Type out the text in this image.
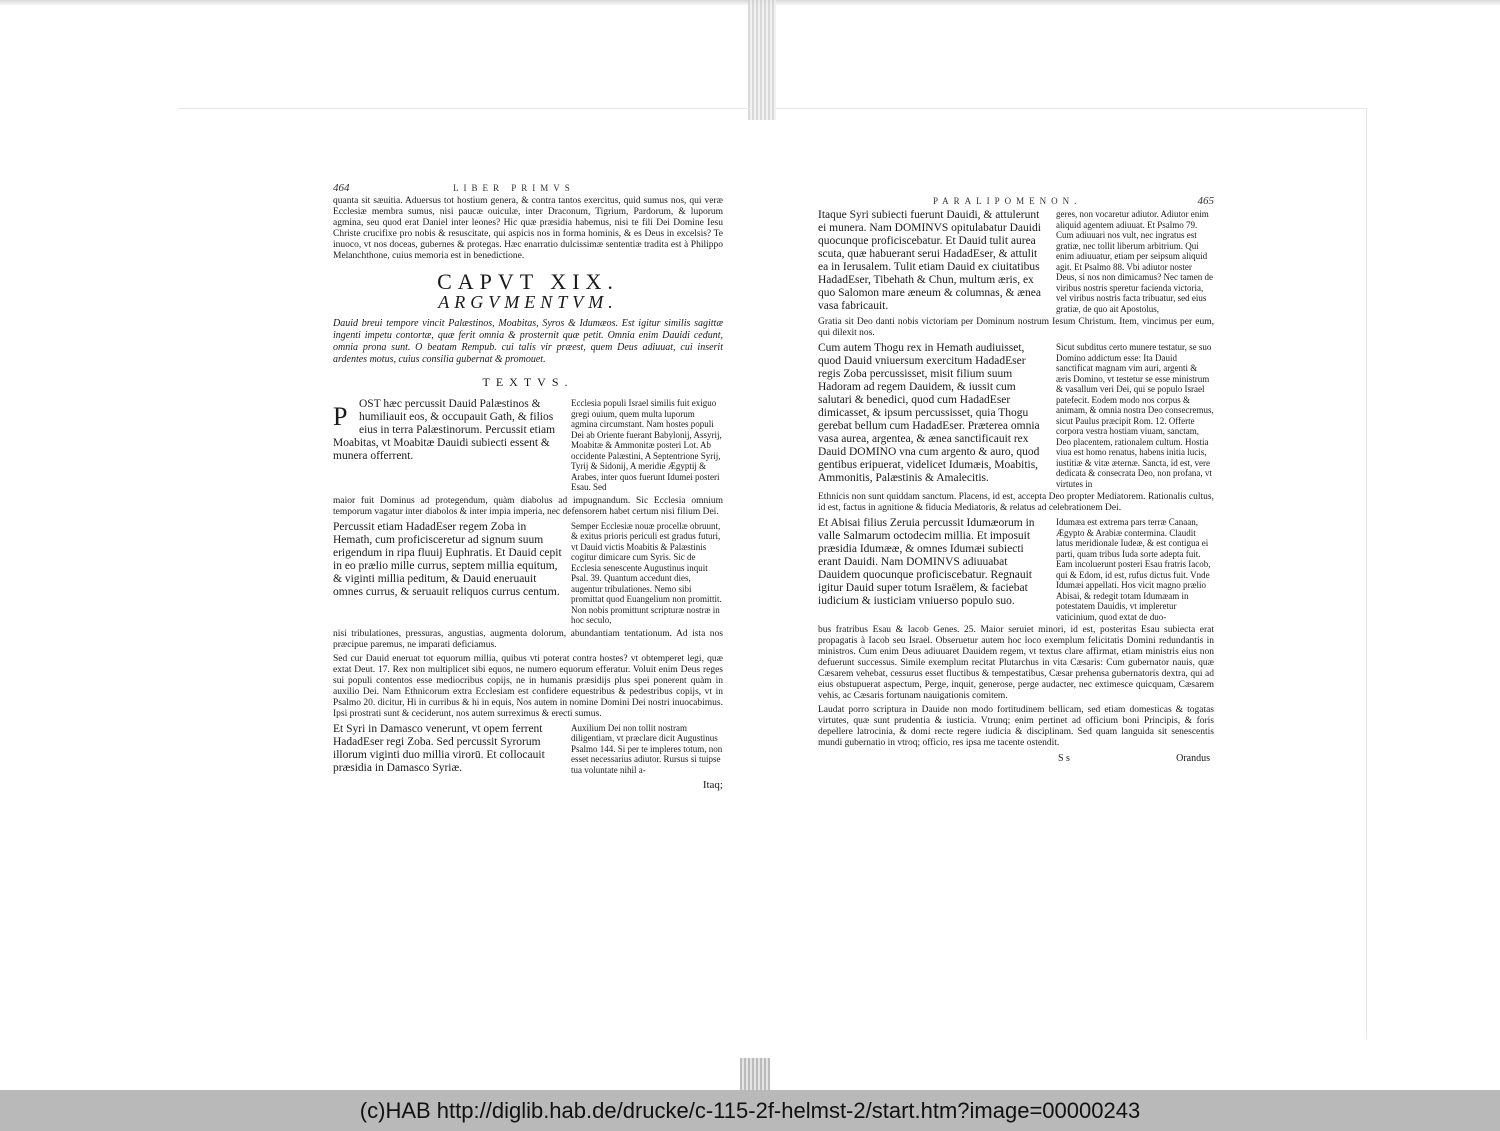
464	LIBER PRIMVS

quanta sit sæuitia. Aduersus tot hostium genera, & contra tantos exercitus, quid sumus nos, qui veræ Ecclesiæ membra sumus, nisi paucæ ouiculæ, inter Draconum, Tigrium, Pardorum, & luporum agmina, seu quod erat Daniel inter leones? Hic quæ præsidia habemus, nisi te fili Dei Domine Iesu Christe crucifixe pro nobis & resuscitate, qui aspicis nos in forma hominis, & es Deus in excelsis? Te inuoco, vt nos doceas, gubernes & protegas. Hæc enarratio dulcissimæ sententiæ tradita est à Philippo Melanchthone, cuius memoria est in benedictione.

CAPVT XIX.
ARGVMENTVM.

Dauid breui tempore vincit Palæstinos, Moabitas, Syros & Idumæos. Est igitur similis sagittæ ingenti impetu contortæ, quæ ferit omnia & prosternit quæ petit. Omnia enim Dauidi cedunt, omnia prona sunt. O beatam Rempub. cui talis vir præest, quem Deus adiuuat, cui inserit ardentes motus, cuius consilia gubernat & promouet.

TEXTVS.
P	OST hæc percussit Dauid Palæstinos & humiliauit eos, & occupauit Gath, & filios eius in terra Palæstinorum. Percussit etiam Moabitas, vt Moabitæ Dauidi subiecti essent & munera offerrent.
Ecclesia populi Israel similis fuit exiguo gregi ouium, quem multa luporum agmina circumstant. Nam hostes populi Dei ab Oriente fuerant Babylonij, Assyrij, Moabitæ & Ammonitæ posteri Lot. Ab occidente Palæstini, A Septentrione Syrij, Tyrij & Sidonij, A meridie Ægyptij & Arabes, inter quos fuerunt Idumei posteri Esau. Sed

maior fuit Dominus ad protegendum, quàm diabolus ad impugnandum. Sic Ecclesia omnium temporum vagatur inter diabolos & inter impia imperia, nec defensorem habet certum nisi filium Dei.

Percussit etiam HadadEser regem Zoba in Hemath, cum proficisceretur ad signum suum erigendum in ripa fluuij Euphratis. Et Dauid cepit in eo prælio mille currus, septem millia equitum, & viginti millia peditum, & Dauid eneruauit omnes currus, & seruauit reliquos currus centum.
Semper Ecclesiæ nouæ procellæ obruunt, & exitus prioris periculi est gradus futuri, vt Dauid victis Moabitis & Palæstinis cogitur dimicare cum Syris. Sic de Ecclesia senescente Augustinus inquit Psal. 39. Quantum accedunt dies, augentur tribulationes. Nemo sibi promittat quod Euangelium non promittit. Non nobis promittunt scripturæ nostræ in hoc seculo,

nisi tribulationes, pressuras, angustias, augmenta dolorum, abundantiam tentationum. Ad ista nos præcipue paremus, ne imparati deficiamus.

Sed cur Dauid eneruat tot equorum millia, quibus vti poterat contra hostes? vt obtemperet legi, quæ extat Deut. 17. Rex non multiplicet sibi equos, ne numero equorum efferatur. Voluit enim Deus reges sui populi contentos esse mediocribus copijs, ne in humanis præsidijs plus spei ponerent quàm in auxilio Dei. Nam Ethnicorum extra Ecclesiam est confidere equestribus & pedestribus copijs, vt in Psalmo 20. dicitur, Hi in curribus & hi in equis, Nos autem in nomine Domini Dei nostri inuocabimus. Ipsi prostrati sunt & ceciderunt, nos autem surreximus & erecti sumus.

Et Syri in Damasco venerunt, vt opem ferrent HadadEser regi Zoba. Sed percussit Syrorum illorum viginti duo millia virorū. Et collocauit præsidia in Damasco Syriæ.
Auxilium Dei non tollit nostram diligentiam, vt præclare dicit Augustinus Psalmo 144. Si per te impleres totum, non esset necessarius adiutor. Rursus si tuipse tua voluntate nihil a-
Itaq;
PARALIPOMENON.	465
Itaque Syri subiecti fuerunt Dauidi, & attulerunt ei munera. Nam DOMINVS opitulabatur Dauidi quocunque proficiscebatur. Et Dauid tulit aurea scuta, quæ habuerant serui HadadEser, & attulit ea in Ierusalem. Tulit etiam Dauid ex ciuitatibus HadadEser, Tibehath & Chun, multum æris, ex quo Salomon mare æneum & columnas, & ænea vasa fabricauit.
geres, non vocaretur adiutor. Adiutor enim aliquid agentem adiuuat. Et Psalmo 79. Cum adiuuari nos vult, nec ingratus est gratiæ, nec tollit liberum arbitrium. Qui enim adiuuatur, etiam per seipsum aliquid agit. Et Psalmo 88. Vbi adiutor noster Deus, si nos non dimicamus? Nec tamen de viribus nostris speretur facienda victoria, vel viribus nostris facta tribuatur, sed eius gratiæ, de quo ait Apostolus,

Gratia sit Deo danti nobis victoriam per Dominum nostrum Iesum Christum. Item, vincimus per eum, qui dilexit nos.

Cum autem Thogu rex in Hemath audiuisset, quod Dauid vniuersum exercitum HadadEser regis Zoba percussisset, misit filium suum Hadoram ad regem Dauidem, & iussit cum salutari & benedici, quod cum HadadEser dimicasset, & ipsum percussisset, quia Thogu gerebat bellum cum HadadEser. Præterea omnia vasa aurea, argentea, & ænea sanctificauit rex Dauid DOMINO vna cum argento & auro, quod gentibus eripuerat, videlicet Idumæis, Moabitis, Ammonitis, Palæstinis & Amalecitis.
Sicut subditus certo munere testatur, se suo Domino addictum esse: Ita Dauid sanctificat magnam vim auri, argenti & æris Domino, vt testetur se esse ministrum & vasallum veri Dei, qui se populo Israel patefecit. Eodem modo nos corpus & animam, & omnia nostra Deo consecremus, sicut Paulus præcipit Rom. 12. Offerte corpora vestra hostiam viuam, sanctam, Deo placentem, rationalem cultum. Hostia viua est homo renatus, habens initia lucis, iustitiæ & vitæ æternæ. Sancta, id est, vere dedicata & consecrata Deo, non profana, vt virtutes in

Ethnicis non sunt quiddam sanctum. Placens, id est, accepta Deo propter Mediatorem. Rationalis cultus, id est, factus in agnitione & fiducia Mediatoris, & relatus ad celebrationem Dei.

Et Abisai filius Zeruia percussit Idumæorum in valle Salmarum octodecim millia. Et imposuit præsidia Idumææ, & omnes Idumæi subiecti erant Dauidi. Nam DOMINVS adiuuabat Dauidem quocunque proficiscebatur. Regnauit igitur Dauid super totum Israëlem, & faciebat iudicium & iusticiam vniuerso populo suo.
Idumæa est extrema pars terræ Canaan, Ægypto & Arabiæ contermina. Claudit latus meridionale Iudeæ, & est contigua ei parti, quam tribus Iuda sorte adepta fuit. Eam incoluerunt posteri Esau fratris Iacob, qui & Edom, id est, rufus dictus fuit. Vnde Idumæi appellati. Hos vicit magno prælio Abisai, & redegit totam Idumæam in potestatem Dauidis, vt impleretur vaticinium, quod extat de duo-

bus fratribus Esau & Iacob Genes. 25. Maior seruiet minori, id est, posteritas Esau subiecta erat propagatis à Iacob seu Israel. Obseruetur autem hoc loco exemplum felicitatis Domini redundantis in ministros. Cum enim Deus adiuuaret Dauidem regem, vt textus clare affirmat, etiam ministris eius non defuerunt successus. Simile exemplum recitat Plutarchus in vita Cæsaris: Cum gubernator nauis, quæ Cæsarem vehebat, cessurus esset fluctibus & tempestatibus, Cæsar prehensa gubernatoris dextra, qui ad eius obstupuerat aspectum, Perge, inquit, generose, perge audacter, nec extimesce quicquam, Cæsarem vehis, ac Cæsaris fortunam nauigationis comitem.

Laudat porro scriptura in Dauide non modo fortitudinem bellicam, sed etiam domesticas & togatas virtutes, quæ sunt prudentia & iusticia. Vtrunq; enim pertinet ad officium boni Principis, & foris depellere latrocinia, & domi recte regere iudicia & disciplinam. Sed quam languida sit senescentis mundi gubernatio in vtroq; officio, res ipsa me tacente ostendit.

S s	Orandus
(c)HAB http://diglib.hab.de/drucke/c-115-2f-helmst-2/start.htm?image=00000243
